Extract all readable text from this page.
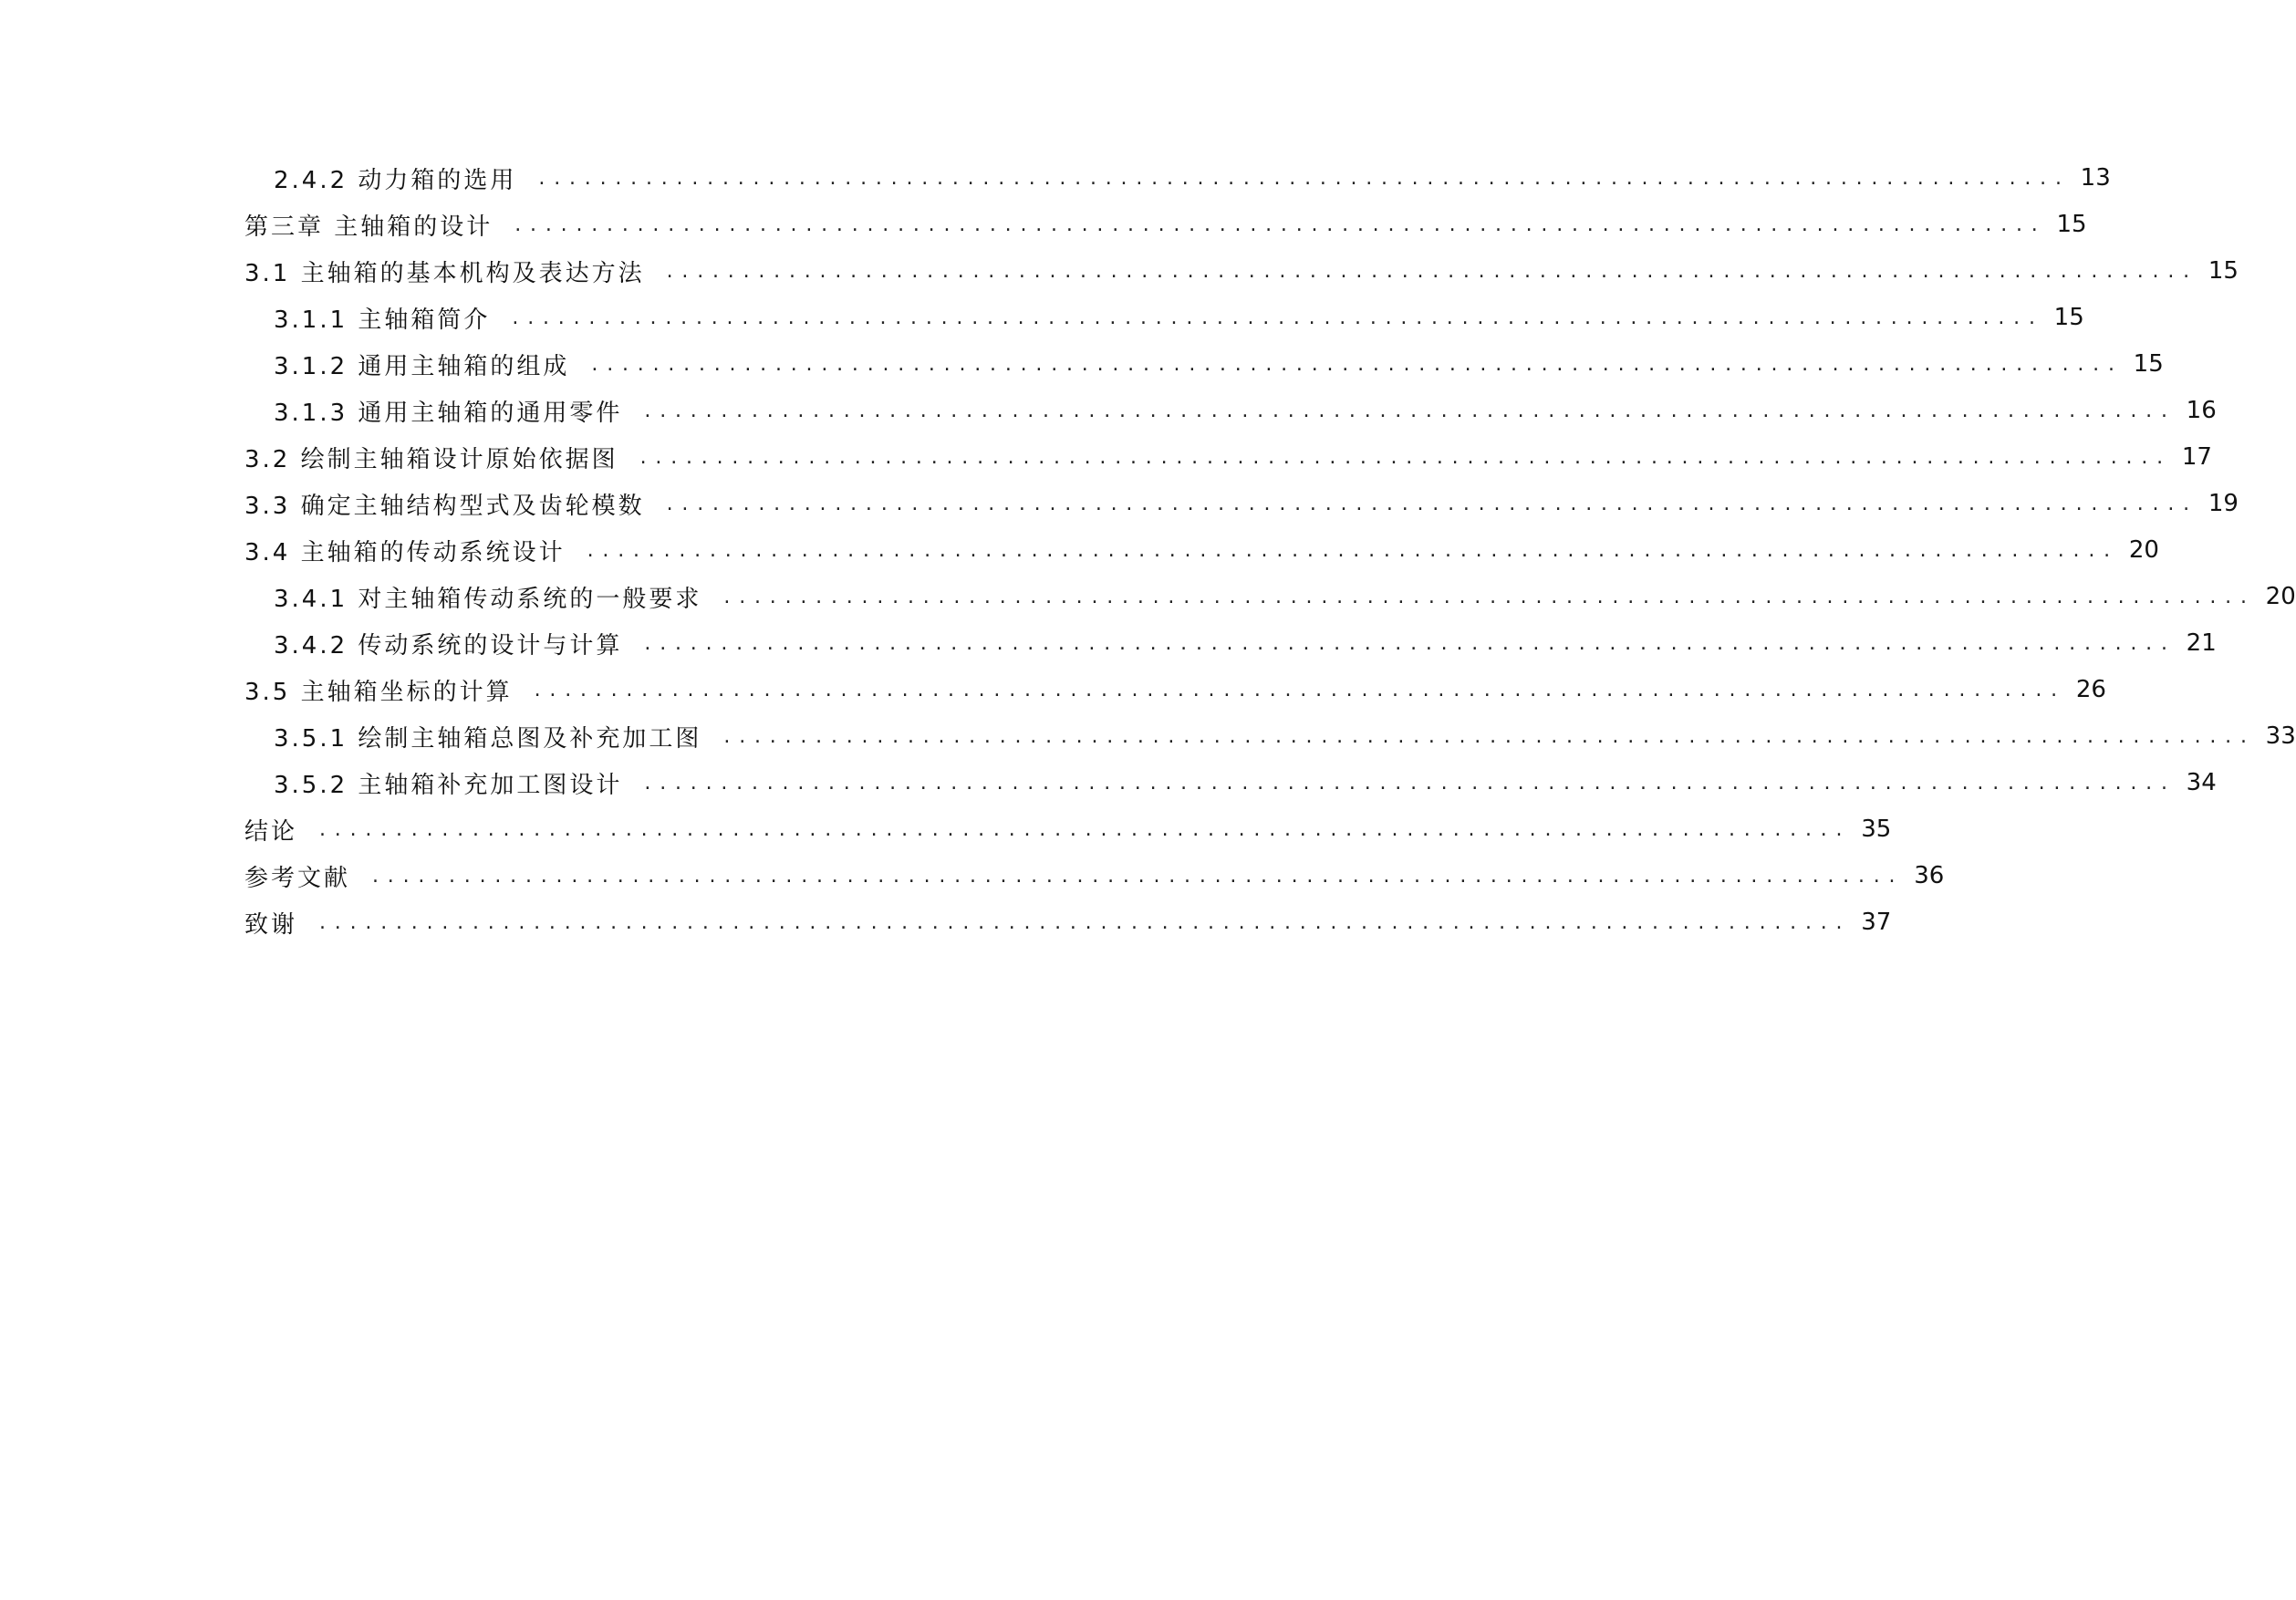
2.4.2 动力箱的选用 .................................................................................................... 13
第三章 主轴箱的设计 .................................................................................................... 15
3.1 主轴箱的基本机构及表达方法 .................................................................................................... 15
3.1.1 主轴箱简介 .................................................................................................... 15
3.1.2 通用主轴箱的组成 .................................................................................................... 15
3.1.3 通用主轴箱的通用零件 .................................................................................................... 16
3.2 绘制主轴箱设计原始依据图 .................................................................................................... 17
3.3 确定主轴结构型式及齿轮模数 .................................................................................................... 19
3.4 主轴箱的传动系统设计 .................................................................................................... 20
3.4.1 对主轴箱传动系统的一般要求 .................................................................................................... 20
3.4.2 传动系统的设计与计算 .................................................................................................... 21
3.5 主轴箱坐标的计算 .................................................................................................... 26
3.5.1 绘制主轴箱总图及补充加工图 .................................................................................................... 33
3.5.2 主轴箱补充加工图设计 .................................................................................................... 34
结论 .................................................................................................... 35
参考文献 .................................................................................................... 36
致谢 .................................................................................................... 37
